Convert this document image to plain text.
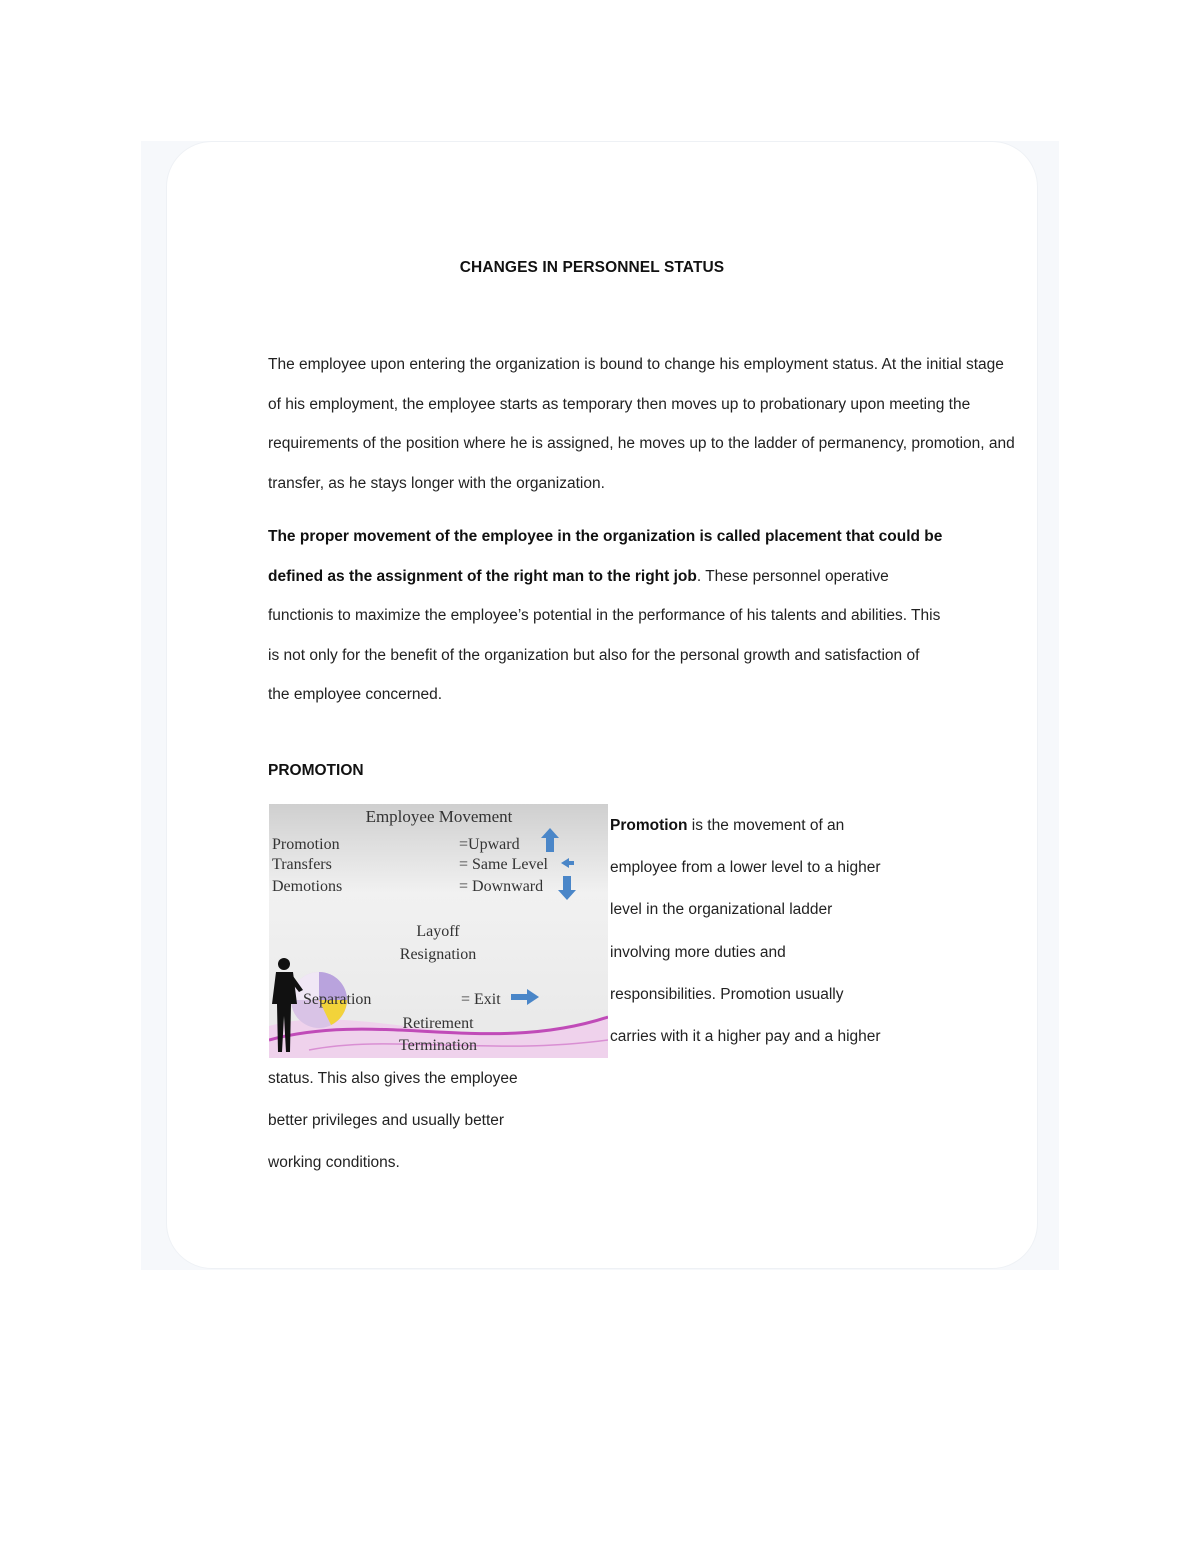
CHANGES IN PERSONNEL STATUS

The employee upon entering the organization is bound to change his employment status. At the initial stage of his employment, the employee starts as temporary then moves up to probationary upon meeting the requirements of the position where he is assigned, he moves up to the ladder of permanency, promotion, and transfer, as he stays longer with the organization.

The proper movement of the employee in the organization is called placement that could be defined as the assignment of the right man to the right job. These personnel operative functionis to maximize the employee’s potential in the performance of his talents and abilities. This is not only for the benefit of the organization but also for the personal growth and satisfaction of the employee concerned.

PROMOTION
Employee Movement
Promotion	=Upward
Transfers	= Same Level
Demotions	= Downward
Layoff
Resignation
Separation	= Exit
Retirement
Termination

Promotion is the movement of an
employee from a lower level to a higher
level in the organizational ladder
involving more duties and
responsibilities. Promotion usually
carries with it a higher pay and a higher

status. This also gives the employee
better privileges and usually better
working conditions.
